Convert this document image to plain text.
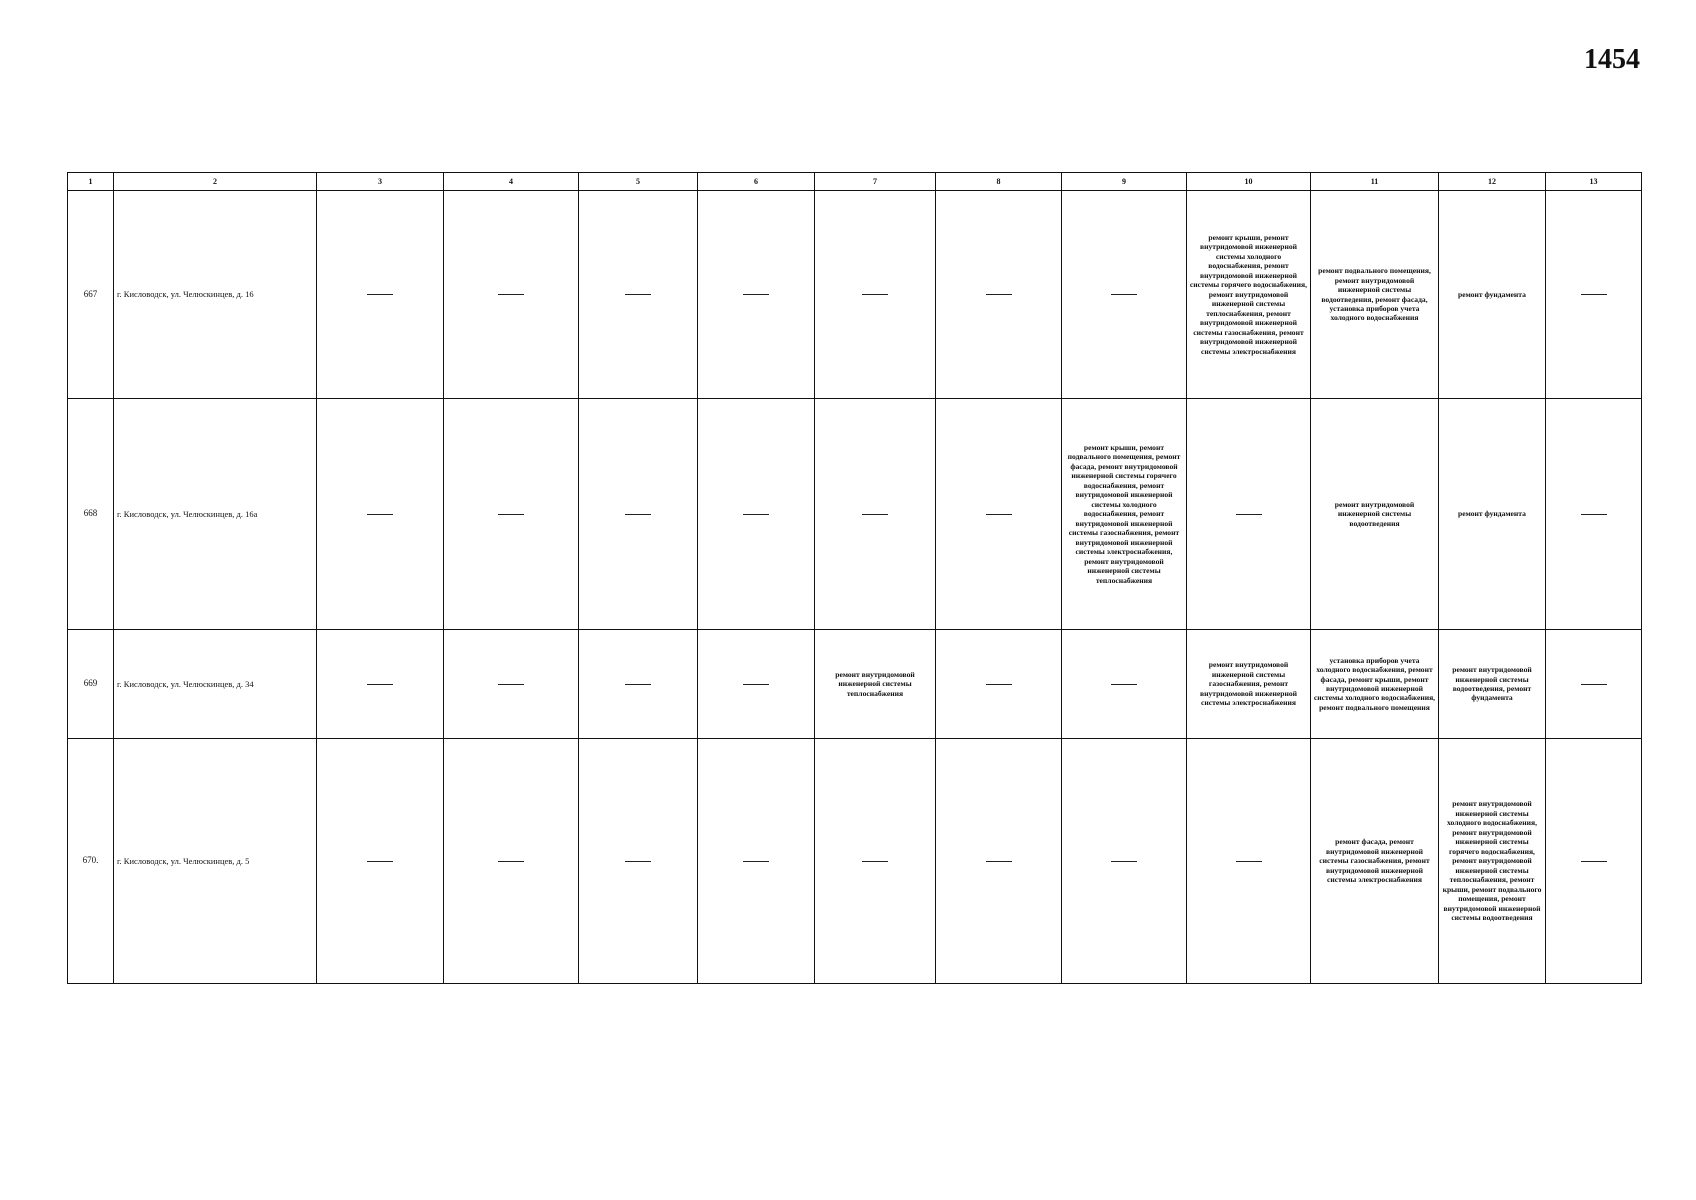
1454
1	2	3	4	5	6	7	8	9	10	11	12	13
667	г. Кисловодск, ул. Челюскинцев, д. 16								ремонт крыши, ремонт внутридомовой инженерной системы холодного водоснабжения, ремонт внутридомовой инженерной системы горячего водоснабжения, ремонт внутридомовой инженерной системы теплоснабжения, ремонт внутридомовой инженерной системы газоснабжения, ремонт внутридомовой инженерной системы электроснабжения	ремонт подвального помещения, ремонт внутридомовой инженерной системы водоотведения, ремонт фасада, установка приборов учета холодного водоснабжения	ремонт фундамента	
668	г. Кисловодск, ул. Челюскинцев, д. 16а							ремонт крыши, ремонт подвального помещения, ремонт фасада, ремонт внутридомовой инженерной системы горячего водоснабжения, ремонт внутридомовой инженерной системы холодного водоснабжения, ремонт внутридомовой инженерной системы газоснабжения, ремонт внутридомовой инженерной системы электроснабжения, ремонт внутридомовой инженерной системы теплоснабжения		ремонт внутридомовой инженерной системы водоотведения	ремонт фундамента	
669	г. Кисловодск, ул. Челюскинцев, д. 34					ремонт внутридомовой инженерной системы теплоснабжения			ремонт внутридомовой инженерной системы газоснабжения, ремонт внутридомовой инженерной системы электроснабжения	установка приборов учета холодного водоснабжения, ремонт фасада, ремонт крыши, ремонт внутридомовой инженерной системы холодного водоснабжения, ремонт подвального помещения	ремонт внутридомовой инженерной системы водоотведения, ремонт фундамента	
670.	г. Кисловодск, ул. Челюскинцев, д. 5									ремонт фасада, ремонт внутридомовой инженерной системы газоснабжения, ремонт внутридомовой инженерной системы электроснабжения	ремонт внутридомовой инженерной системы холодного водоснабжения, ремонт внутридомовой инженерной системы горячего водоснабжения, ремонт внутридомовой инженерной системы теплоснабжения, ремонт крыши, ремонт подвального помещения, ремонт внутридомовой инженерной системы водоотведения	
